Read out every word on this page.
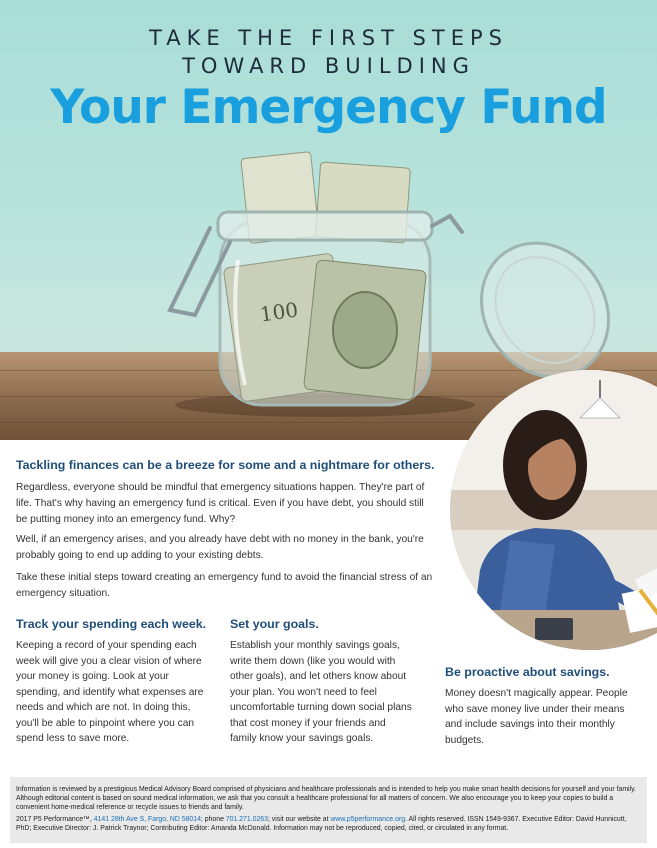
TAKE THE FIRST STEPS
TOWARD BUILDING
Your Emergency Fund
100
Tackling finances can be a breeze for some and a nightmare for others.

Regardless, everyone should be mindful that emergency situations happen. They're part of life. That's why having an emergency fund is critical. Even if you have debt, you should still be putting money into an emergency fund. Why?

Well, if an emergency arises, and you already have debt with no money in the bank, you're probably going to end up adding to your existing debts.

Take these initial steps toward creating an emergency fund to avoid the financial stress of an emergency situation.

Track your spending each week.

Keeping a record of your spending each week will give you a clear vision of where your money is going. Look at your spending, and identify what expenses are needs and which are not. In doing this, you'll be able to pinpoint where you can spend less to save more.

Set your goals.

Establish your monthly savings goals, write them down (like you would with other goals), and let others know about your plan. You won't need to feel uncomfortable turning down social plans that cost money if your friends and family know your savings goals.

Be proactive about savings.

Money doesn't magically appear. People who save money live under their means and include savings into their monthly budgets.

Information is reviewed by a prestigious Medical Advisory Board comprised of physicians and healthcare professionals and is intended to help you make smart health decisions for yourself and your family. Although editorial content is based on sound medical information, we ask that you consult a healthcare professional for all matters of concern. We also encourage you to keep your copies to build a convenient home-medical reference or recycle issues to friends and family.

2017 P5 Performance™, 4141 28th Ave S, Fargo, ND 58014; phone 701.271.0263; visit our website at www.p5performance.org. All rights reserved. ISSN 1549-9367. Executive Editor: David Hunnicutt, PhD; Executive Director: J. Patrick Traynor; Contributing Editor: Amanda McDonald. Information may not be reproduced, copied, cited, or circulated in any format.
